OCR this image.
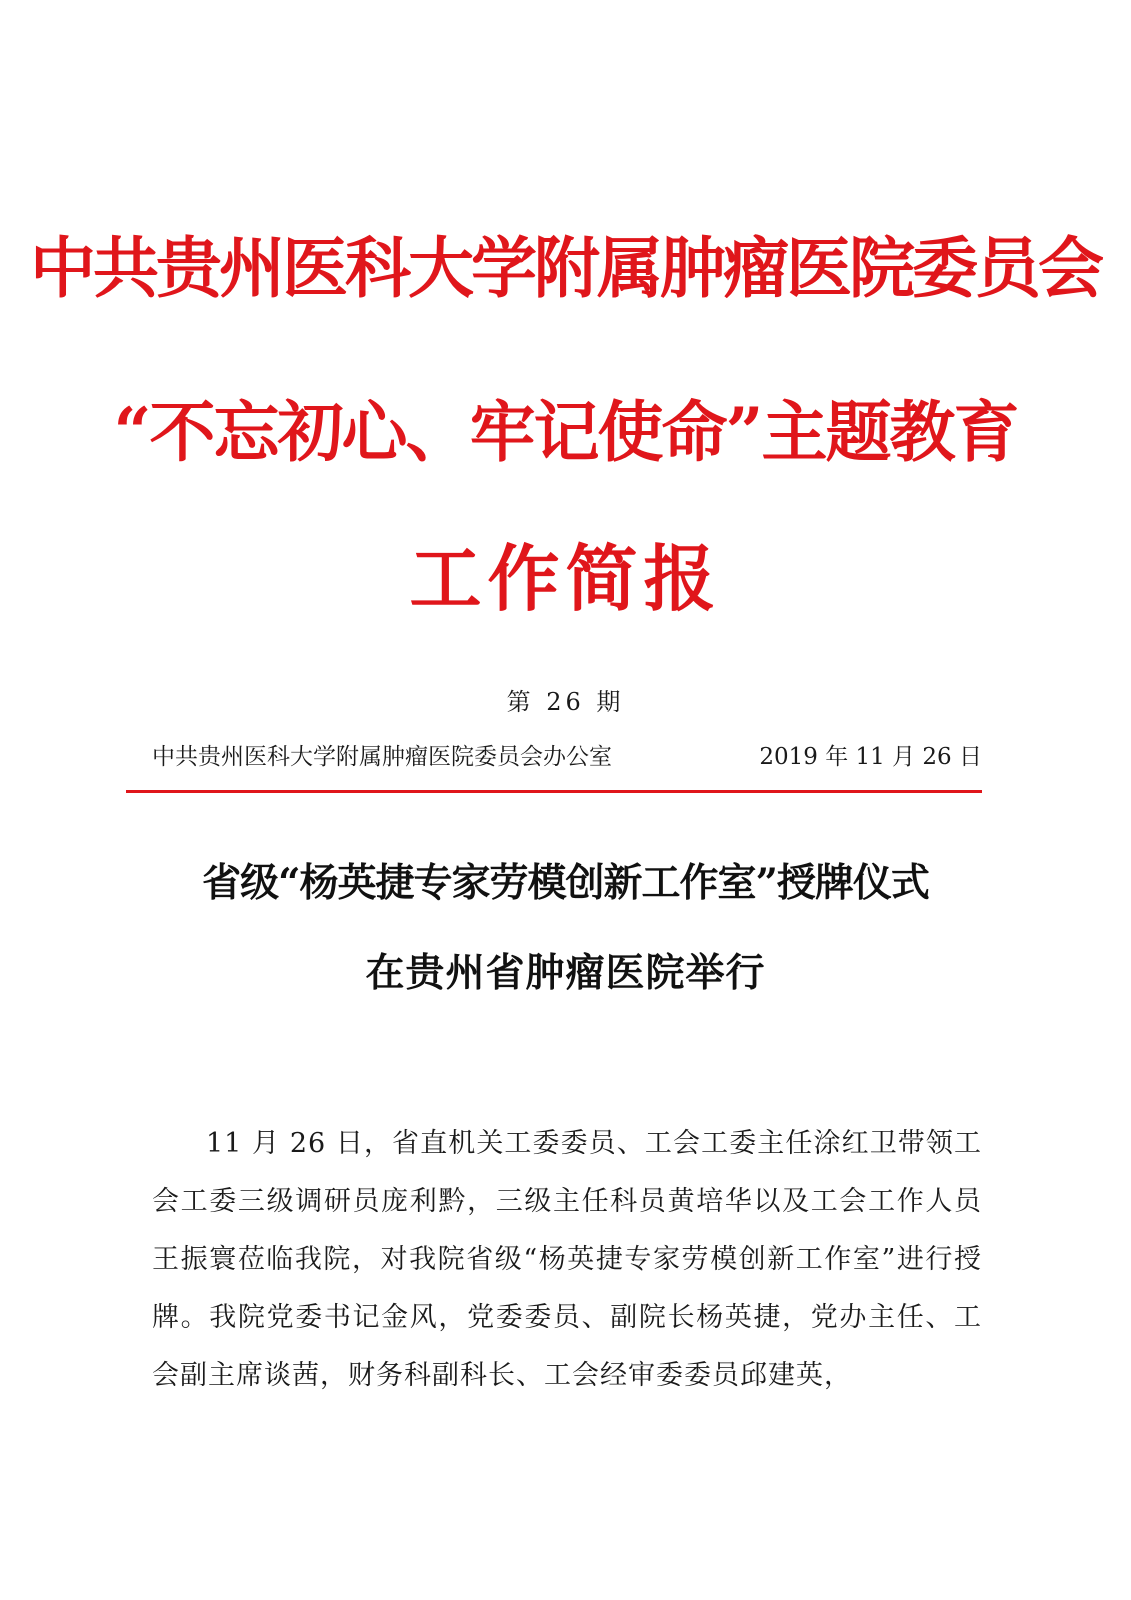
中共贵州医科大学附属肿瘤医院委员会
“不忘初心、牢记使命”主题教育
工作简报
第 26 期
中共贵州医科大学附属肿瘤医院委员会办公室	2019 年 11 月 26 日
省级“杨英捷专家劳模创新工作室”授牌仪式
在贵州省肿瘤医院举行

11 月 26 日，省直机关工委委员、工会工委主任涂红卫带领工会工委三级调研员庞利黔，三级主任科员黄培华以及工会工作人员王振寰莅临我院，对我院省级“杨英捷专家劳模创新工作室”进行授牌。我院党委书记金风，党委委员、副院长杨英捷，党办主任、工会副主席谈茜，财务科副科长、工会经审委委员邱建英，
